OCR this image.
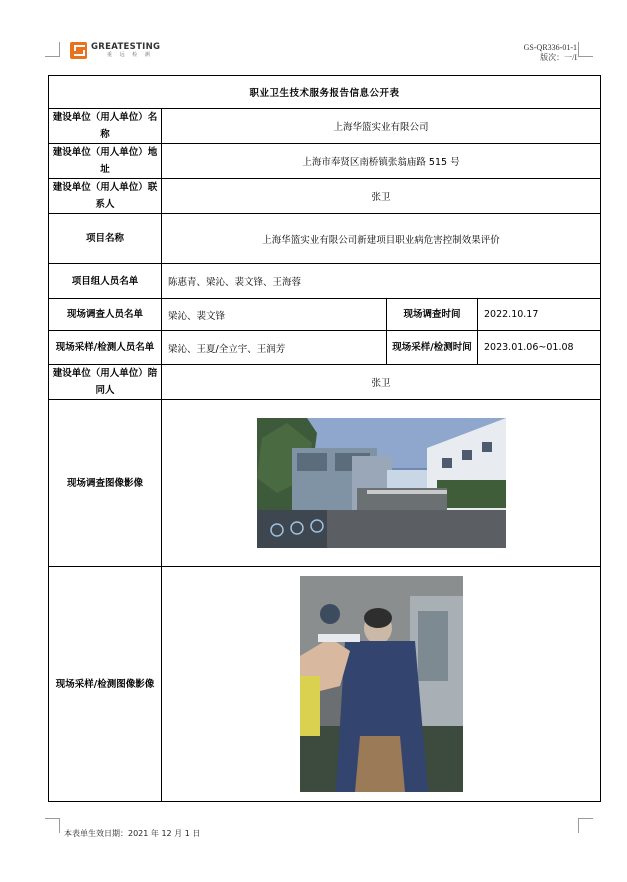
GREATESTING
重 远 检 测
GS-QR336-01-1
版次：一/I
职业卫生技术服务报告信息公开表			
建设单位（用人单位）名称	上海华篮实业有限公司		
建设单位（用人单位）地址	上海市奉贤区南桥镇张翁庙路 515 号		
建设单位（用人单位）联系人	张卫		
项目名称	上海华篮实业有限公司新建项目职业病危害控制效果评价		
项目组人员名单	陈惠青、梁沁、裴文锋、王海蓉		
现场调查人员名单	梁沁、裴文锋	现场调查时间	2022.10.17
现场采样/检测人员名单	梁沁、王夏/全立宇、王润芳	现场采样/检测时间	2023.01.06~01.08
建设单位（用人单位）陪同人	张卫		
现场调查图像影像	
现场采样/检测图像影像	
本表单生效日期：2021 年 12 月 1 日
